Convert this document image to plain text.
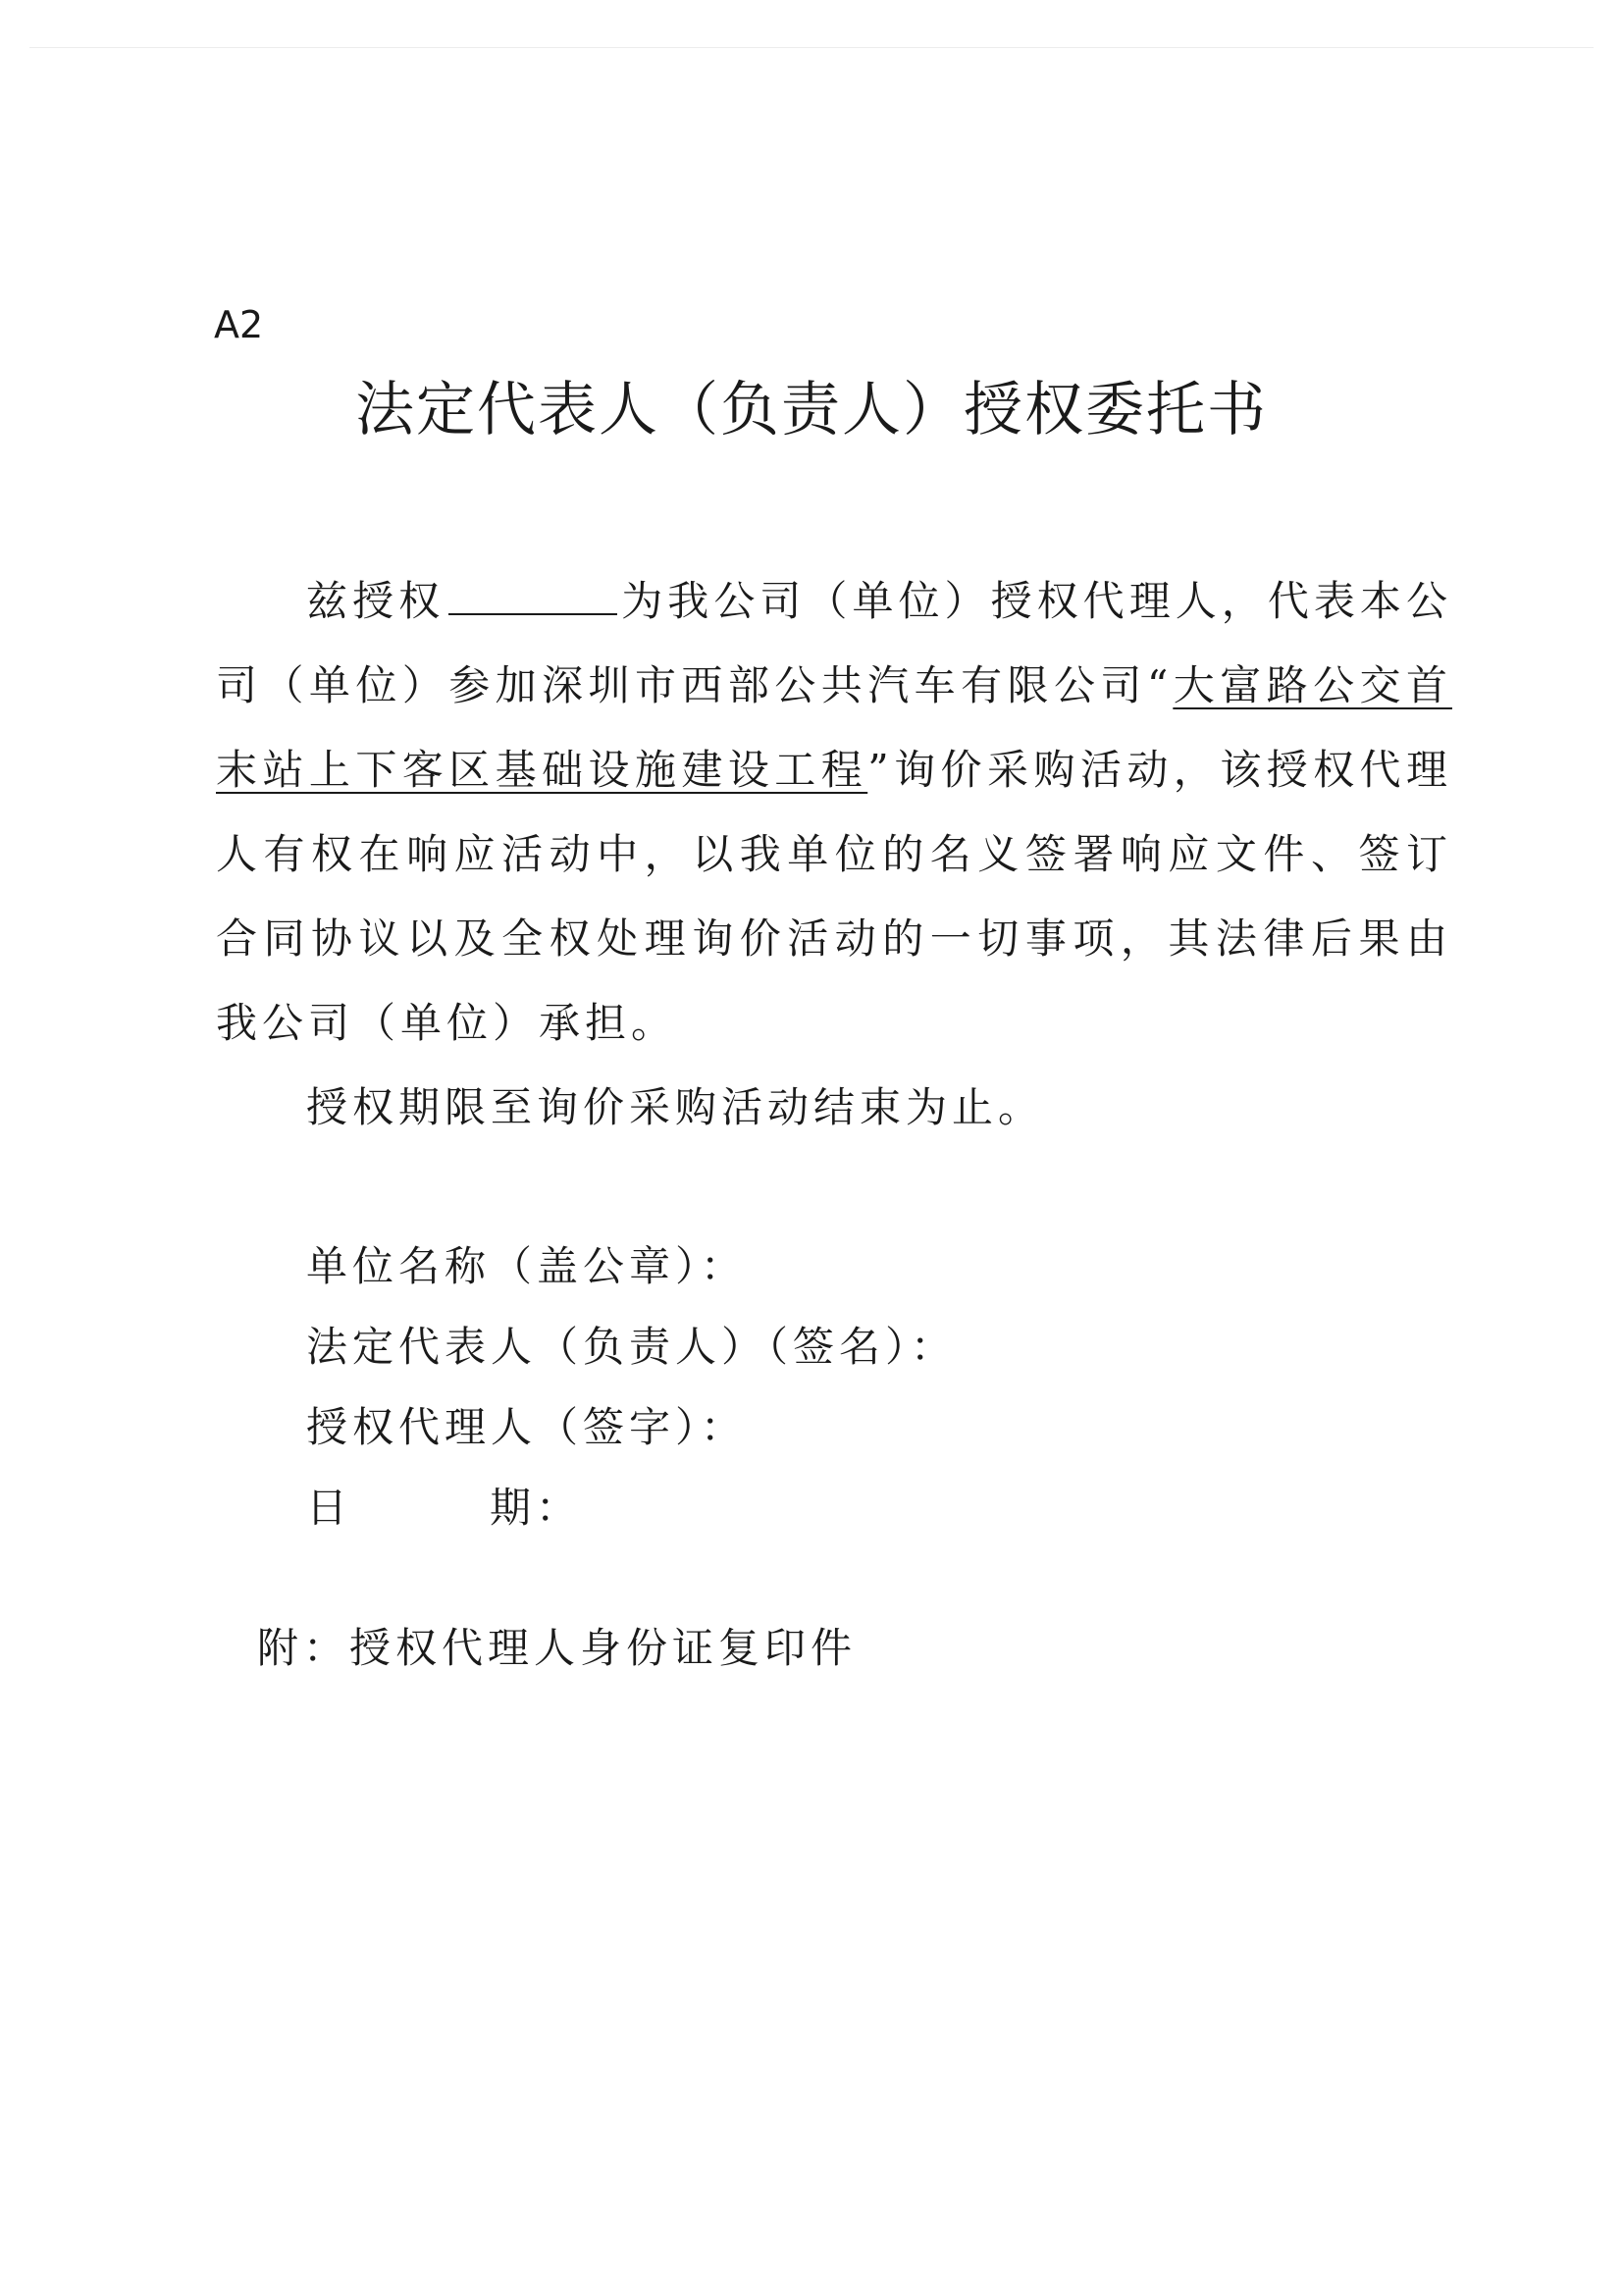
A2

法定代表人（负责人）授权委托书

兹授权	为我公司（单位）授权代理人，代表本公司（单位）参加深圳市西部公共汽车有限公司“大富路公交首末站上下客区基础设施建设工程”询价采购活动，该授权代理人有权在响应活动中，以我单位的名义签署响应文件、签订合同协议以及全权处理询价活动的一切事项，其法律后果由我公司（单位）承担。

授权期限至询价采购活动结束为止。

单位名称（盖公章）：
法定代表人（负责人）（签名）：
授权代理人（签字）：
日	期：

附：授权代理人身份证复印件
